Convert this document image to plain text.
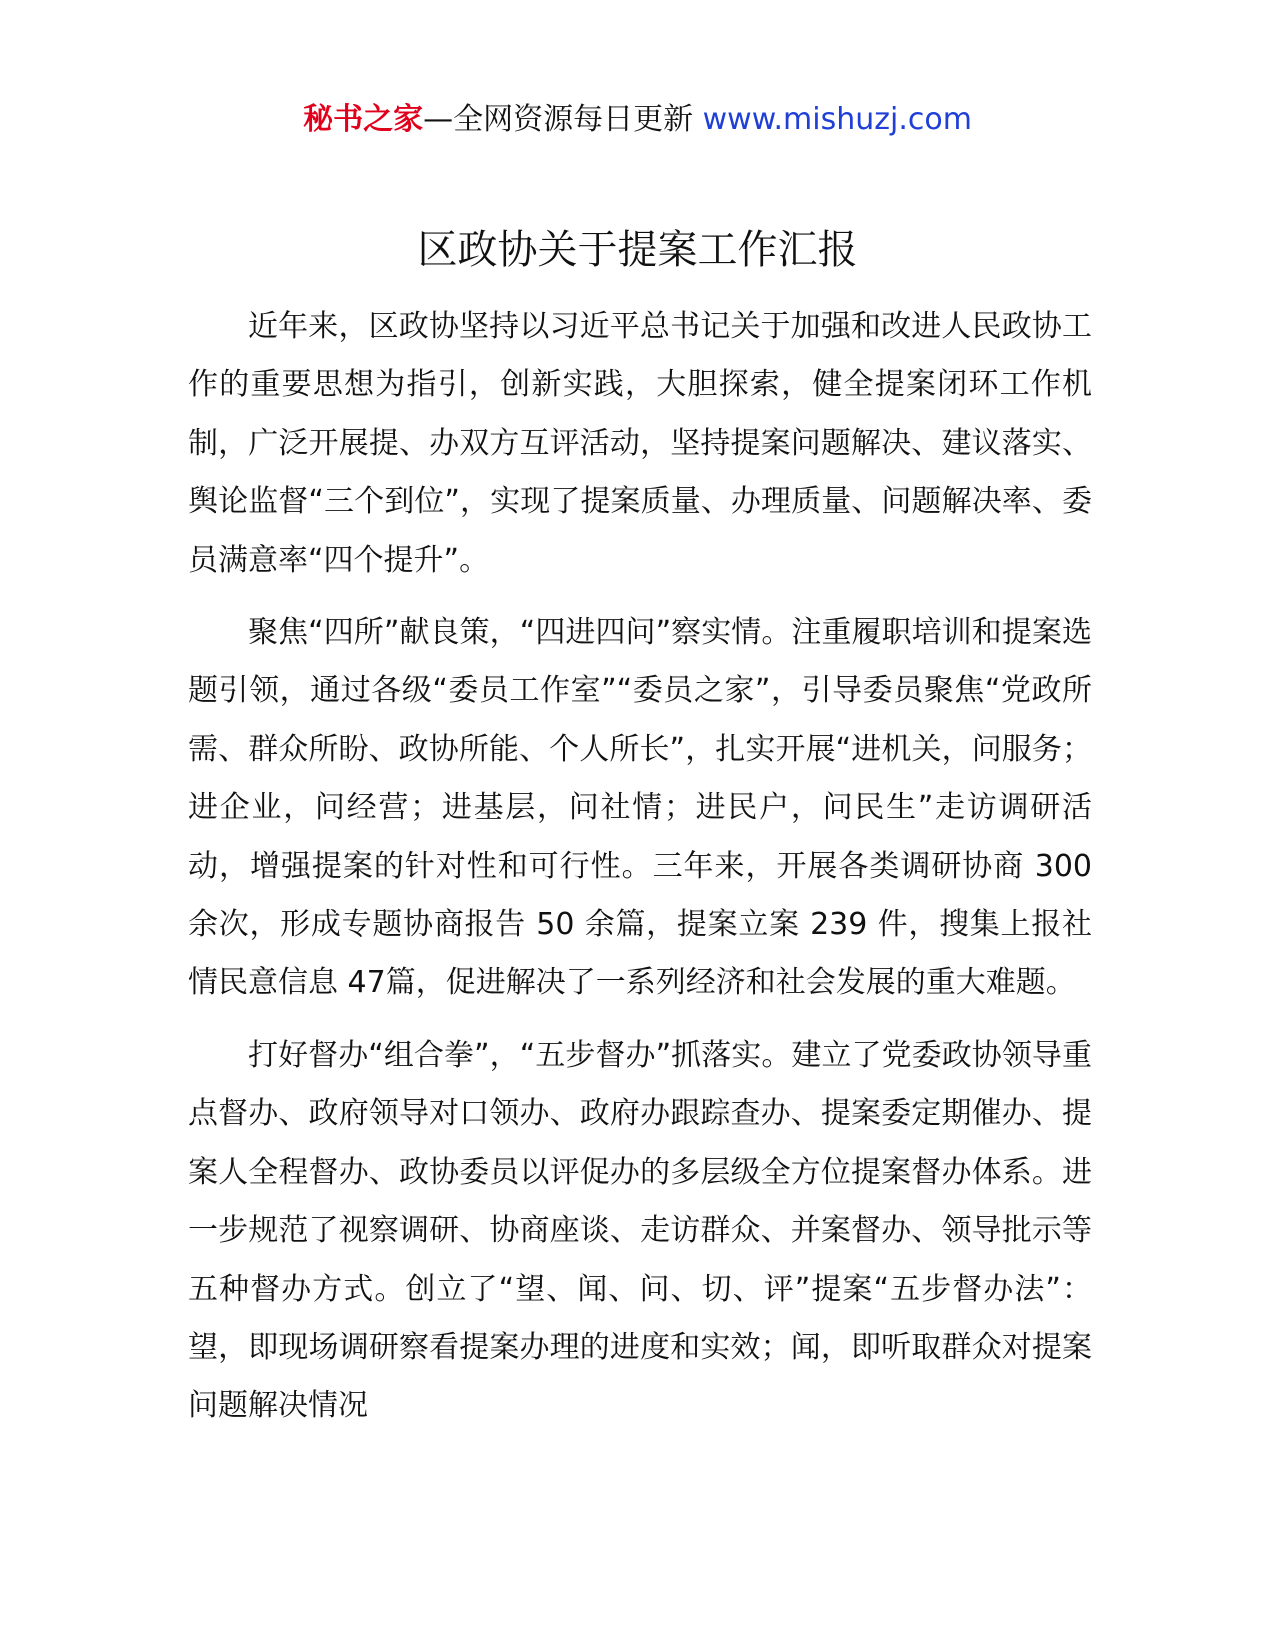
秘书之家—全网资源每日更新 www.mishuzj.com
区政协关于提案工作汇报

近年来，区政协坚持以习近平总书记关于加强和改进人民政协工作的重要思想为指引，创新实践，大胆探索，健全提案闭环工作机制，广泛开展提、办双方互评活动，坚持提案问题解决、建议落实、舆论监督“三个到位”，实现了提案质量、办理质量、问题解决率、委员满意率“四个提升”。

聚焦“四所”献良策，“四进四问”察实情。注重履职培训和提案选题引领，通过各级“委员工作室”“委员之家”，引导委员聚焦“党政所需、群众所盼、政协所能、个人所长”，扎实开展“进机关，问服务；进企业，问经营；进基层，问社情；进民户，问民生”走访调研活动，增强提案的针对性和可行性。三年来，开展各类调研协商 300 余次，形成专题协商报告 50 余篇，提案立案 239 件，搜集上报社情民意信息 47篇，促进解决了一系列经济和社会发展的重大难题。

打好督办“组合拳”，“五步督办”抓落实。建立了党委政协领导重点督办、政府领导对口领办、政府办跟踪查办、提案委定期催办、提案人全程督办、政协委员以评促办的多层级全方位提案督办体系。进一步规范了视察调研、协商座谈、走访群众、并案督办、领导批示等五种督办方式。创立了“望、闻、问、切、评”提案“五步督办法”：望，即现场调研察看提案办理的进度和实效；闻，即听取群众对提案问题解决情况
